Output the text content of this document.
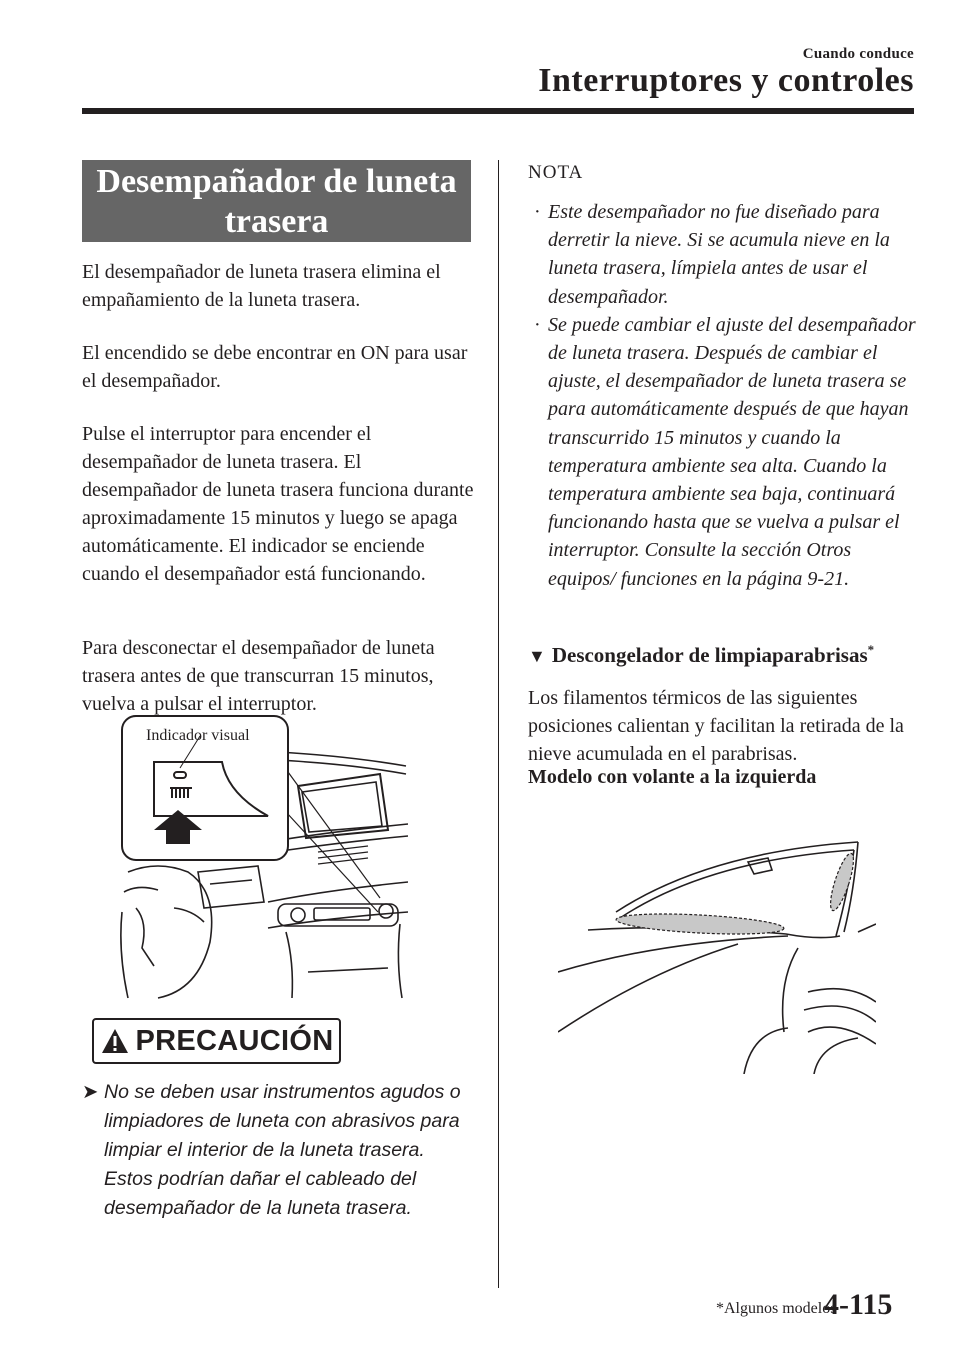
Cuando conduce
Interruptores y controles
Desempañador de luneta
trasera

El desempañador de luneta trasera elimina el empañamiento de la luneta trasera.

El encendido se debe encontrar en ON para usar el desempañador.

Pulse el interruptor para encender el desempañador de luneta trasera. El desempañador de luneta trasera funciona durante aproximadamente 15 minutos y luego se apaga automáticamente. El indicador se enciende cuando el desempañador está funcionando.

Para desconectar el desempañador de luneta trasera antes de que transcurran 15 minutos, vuelva a pulsar el interruptor.

Indicador visual
PRECAUCIÓN
➤ No se deben usar instrumentos agudos o limpiadores de luneta con abrasivos para limpiar el interior de la luneta trasera. Estos podrían dañar el cableado del desempañador de la luneta trasera.
NOTA
· Este desempañador no fue diseñado para derretir la nieve. Si se acumula nieve en la luneta trasera, límpiela antes de usar el desempañador.
· Se puede cambiar el ajuste del desempañador de luneta trasera. Después de cambiar el ajuste, el desempañador de luneta trasera se para automáticamente después de que hayan transcurrido 15 minutos y cuando la temperatura ambiente sea alta. Cuando la temperatura ambiente sea baja, continuará funcionando hasta que se vuelva a pulsar el interruptor. Consulte la sección Otros equipos/ funciones en la página 9-21.
▼ Descongelador de limpiaparabrisas*

Los filamentos térmicos de las siguientes posiciones calientan y facilitan la retirada de la nieve acumulada en el parabrisas.

Modelo con volante a la izquierda
*Algunos modelos
4-115
